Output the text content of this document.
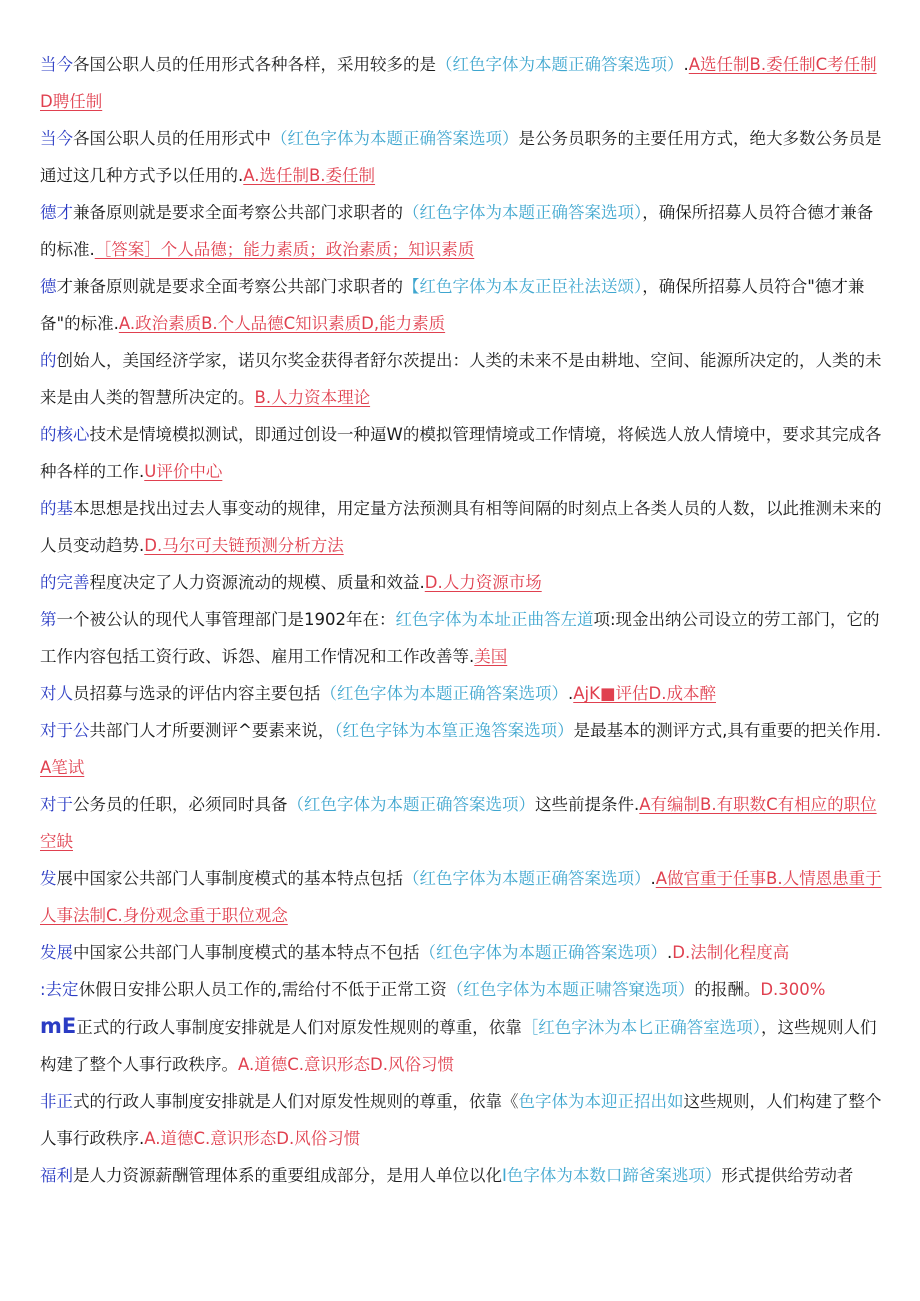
当今各国公职人员的任用形式各种各样，采用较多的是（红色字体为本题正确答案选项）.A选任制B.委任制C考任制D聘任制
当今各国公职人员的任用形式中（红色字体为本题正确答案选项）是公务员职务的主要任用方式，绝大多数公务员是通过这几种方式予以任用的.A.选任制B.委任制
德才兼备原则就是要求全面考察公共部门求职者的（红色字体为本题正确答案选项），确保所招募人员符合德才兼备的标准.［答案］个人品德；能力素质；政治素质；知识素质
德才兼备原则就是要求全面考察公共部门求职者的【红色字体为本友正臣社法送颂），确保所招募人员符合"德才兼备"的标准.A.政治素质B.个人品德C知识素质D,能力素质
的创始人，美国经济学家，诺贝尔奖金获得者舒尔茨提出：人类的未来不是由耕地、空间、能源所决定的，人类的未来是由人类的智慧所决定的。B.人力资本理论
的核心技术是情境模拟测试，即通过创设一种逼W的模拟管理情境或工作情境，将候选人放人情境中，要求其完成各种各样的工作.U评价中心
的基本思想是找出过去人事变动的规律，用定量方法预测具有相等间隔的时刻点上各类人员的人数，以此推测未来的人员变动趋势.D.马尔可夫链预测分析方法
的完善程度决定了人力资源流动的规模、质量和效益.D.人力资源市场
第一个被公认的现代人事管理部门是1902年在：红色字体为本址正曲答左道项:现金出纳公司设立的劳工部门，它的工作内容包括工资行政、诉怨、雇用工作情况和工作改善等.美国
对人员招募与选录的评估内容主要包括（红色字体为本题正确答案选项）.AjK■评估D.成本醉
对于公共部门人才所要测评^要素来说，（红色字钵为本篁正逸答案选项）是最基本的测评方式,具有重要的把关作用.A笔试
对于公务员的任职，必须同时具备（红色字体为本题正确答案选项）这些前提条件.A有编制B.有职数C有相应的职位空缺
发展中国家公共部门人事制度模式的基本特点包括（红色字体为本题正确答案选项）.A做官重于任事B.人情恩患重于人事法制C.身份观念重于职位观念
发展中国家公共部门人事制度模式的基本特点不包括（红色字体为本题正确答案选项）.D.法制化程度高
:去定休假日安排公职人员工作的,需给付不低于正常工资（红色字体为本题正啸答窠选项）的报酬。D.300%
mE正式的行政人事制度安排就是人们对原发性规则的尊重，依靠［红色字沐为本匕正确答室选项），这些规则人们构建了整个人事行政秩序。A.道德C.意识形态D.风俗习惯
非正式的行政人事制度安排就是人们对原发性规则的尊重，依靠《色字体为本迎正招出如这些规则，人们构建了整个人事行政秩序.A.道德C.意识形态D.风俗习惯
福利是人力资源薪酬管理体系的重要组成部分，是用人单位以化I色字体为本数口蹄爸案逃项）形式提供给劳动者
